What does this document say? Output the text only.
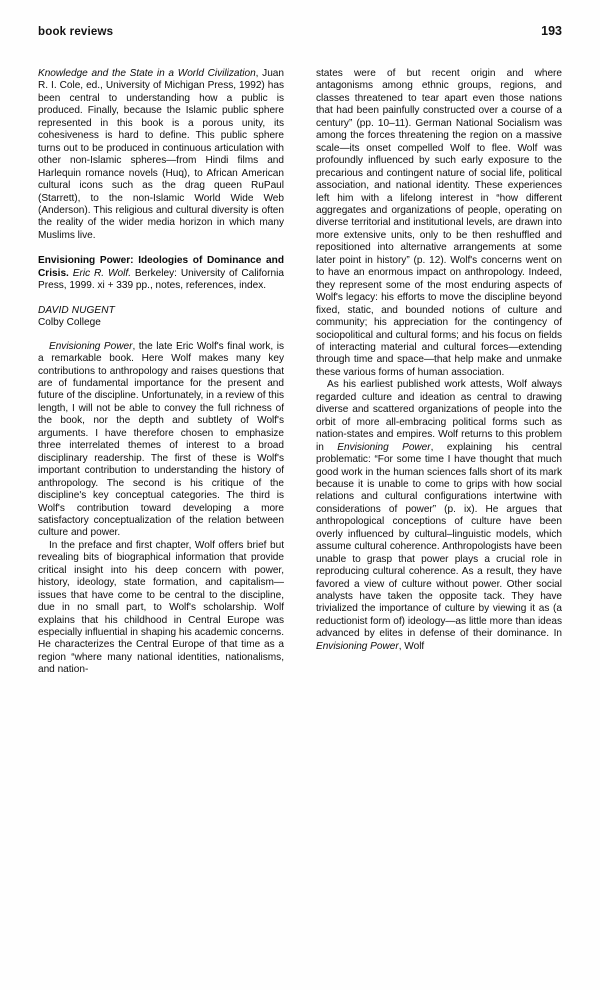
book reviews	193

Knowledge and the State in a World Civilization, Juan R. I. Cole, ed., University of Michigan Press, 1992) has been central to understanding how a public is produced. Finally, because the Islamic public sphere represented in this book is a porous unity, its cohesiveness is hard to define. This public sphere turns out to be produced in continuous articulation with other non-Islamic spheres—from Hindi films and Harlequin romance novels (Huq), to African American cultural icons such as the drag queen RuPaul (Starrett), to the non-Islamic World Wide Web (Anderson). This religious and cultural diversity is often the reality of the wider media horizon in which many Muslims live.

Envisioning Power: Ideologies of Dominance and Crisis. Eric R. Wolf. Berkeley: University of California Press, 1999. xi + 339 pp., notes, references, index.

DAVID NUGENT
Colby College

Envisioning Power, the late Eric Wolf's final work, is a remarkable book. Here Wolf makes many key contributions to anthropology and raises questions that are of fundamental importance for the present and future of the discipline. Unfortunately, in a review of this length, I will not be able to convey the full richness of the book, nor the depth and subtlety of Wolf's arguments. I have therefore chosen to emphasize three interrelated themes of interest to a broad disciplinary readership. The first of these is Wolf's important contribution to understanding the history of anthropology. The second is his critique of the discipline's key conceptual categories. The third is Wolf's contribution toward developing a more satisfactory conceptualization of the relation between culture and power.

In the preface and first chapter, Wolf offers brief but revealing bits of biographical information that provide critical insight into his deep concern with power, history, ideology, state formation, and capitalism—issues that have come to be central to the discipline, due in no small part, to Wolf's scholarship. Wolf explains that his childhood in Central Europe was especially influential in shaping his academic concerns. He characterizes the Central Europe of that time as a region “where many national identities, nationalisms, and nation-

states were of but recent origin and where antagonisms among ethnic groups, regions, and classes threatened to tear apart even those nations that had been painfully constructed over a course of a century” (pp. 10–11). German National Socialism was among the forces threatening the region on a massive scale—its onset compelled Wolf to flee. Wolf was profoundly influenced by such early exposure to the precarious and contingent nature of social life, political association, and national identity. These experiences left him with a lifelong interest in “how different aggregates and organizations of people, operating on diverse territorial and institutional levels, are drawn into more extensive units, only to be then reshuffled and repositioned into alternative arrangements at some later point in history” (p. 12). Wolf's concerns went on to have an enormous impact on anthropology. Indeed, they represent some of the most enduring aspects of Wolf's legacy: his efforts to move the discipline beyond fixed, static, and bounded notions of culture and community; his appreciation for the contingency of sociopolitical and cultural forms; and his focus on fields of interacting material and cultural forces—extending through time and space—that help make and unmake these various forms of human association.

As his earliest published work attests, Wolf always regarded culture and ideation as central to drawing diverse and scattered organizations of people into the orbit of more all-embracing political forms such as nation-states and empires. Wolf returns to this problem in Envisioning Power, explaining his central problematic: “For some time I have thought that much good work in the human sciences falls short of its mark because it is unable to come to grips with how social relations and cultural configurations intertwine with considerations of power” (p. ix). He argues that anthropological conceptions of culture have been overly influenced by cultural–linguistic models, which assume cultural coherence. Anthropologists have been unable to grasp that power plays a crucial role in reproducing cultural coherence. As a result, they have favored a view of culture without power. Other social analysts have taken the opposite tack. They have trivialized the importance of culture by viewing it as (a reductionist form of) ideology—as little more than ideas advanced by elites in defense of their dominance. In Envisioning Power, Wolf
